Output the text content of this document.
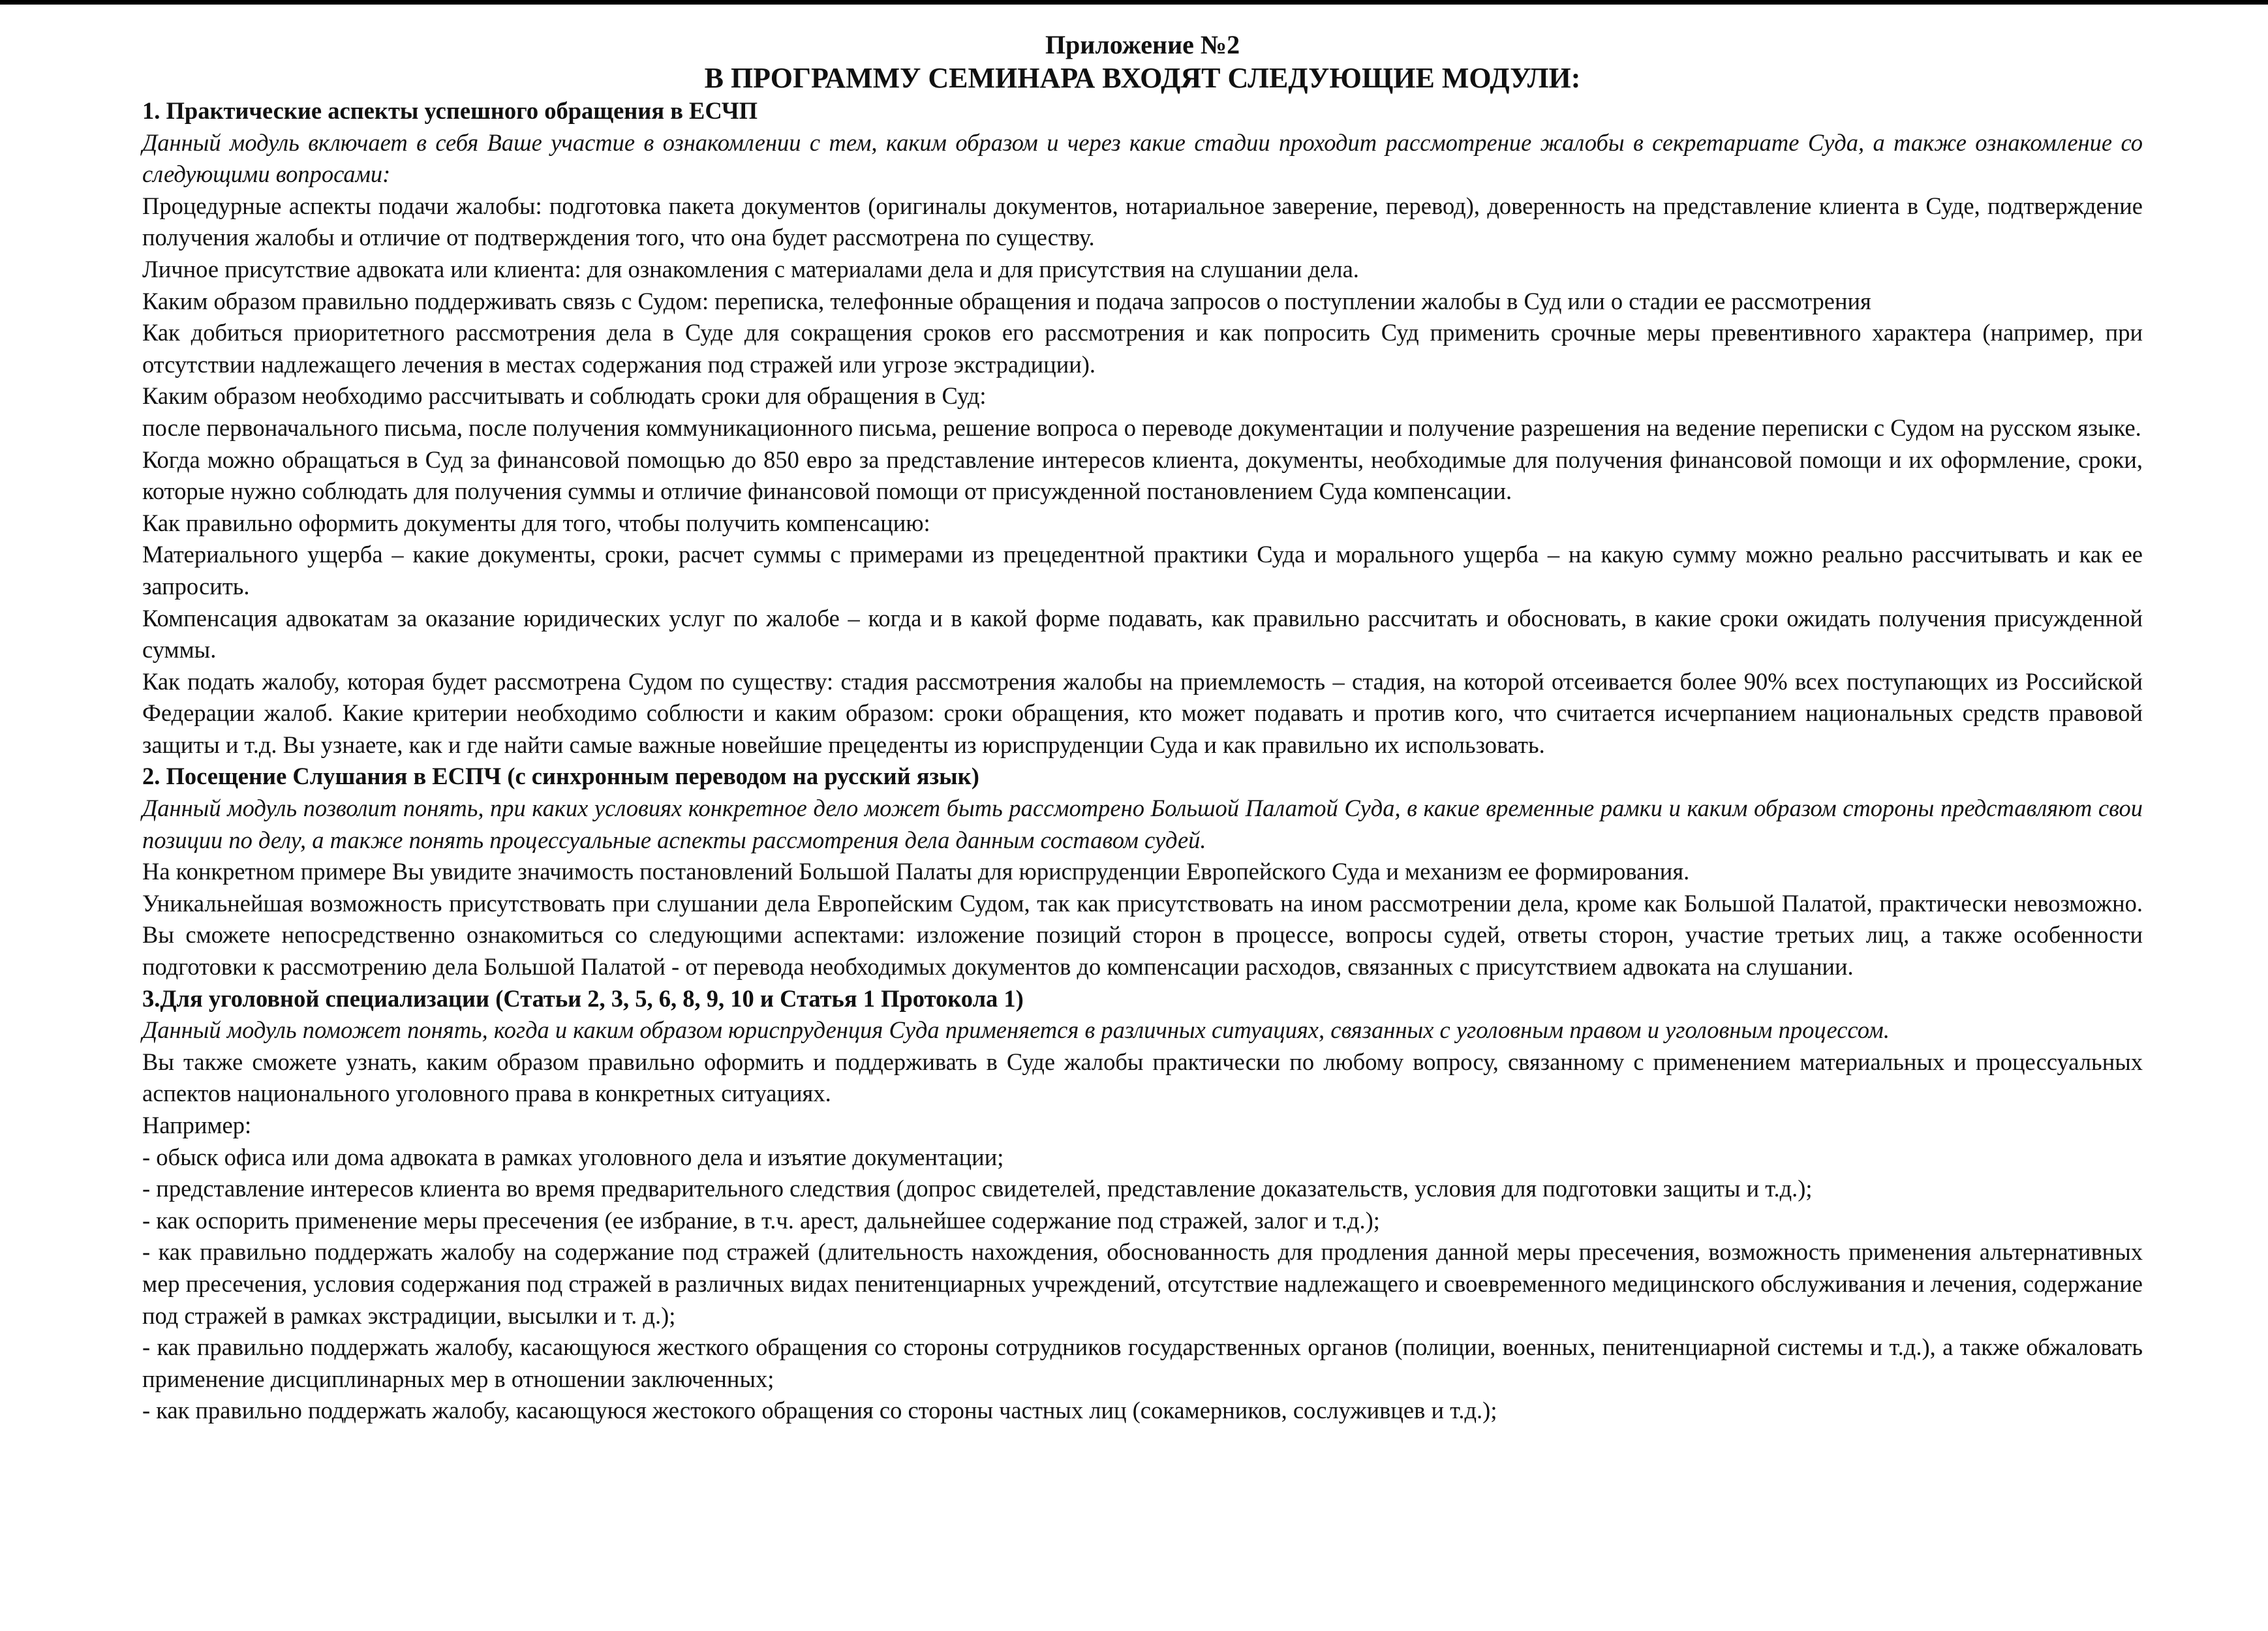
Приложение №2

В ПРОГРАММУ СЕМИНАРА ВХОДЯТ СЛЕДУЮЩИЕ МОДУЛИ:

1. Практические аспекты успешного обращения в ЕСЧП

Данный модуль включает в себя Ваше участие в ознакомлении с тем, каким образом и через какие стадии проходит рассмотрение жалобы в секретариате Суда, а также ознакомление со следующими вопросами:

Процедурные аспекты подачи жалобы: подготовка пакета документов (оригиналы документов, нотариальное заверение, перевод), доверенность на представление клиента в Суде, подтверждение получения жалобы и отличие от подтверждения того, что она будет рассмотрена по существу.

Личное присутствие адвоката или клиента: для ознакомления с материалами дела и для присутствия на слушании дела.

Каким образом правильно поддерживать связь с Судом: переписка, телефонные обращения и подача запросов о поступлении жалобы в Суд или о стадии ее рассмотрения

Как добиться приоритетного рассмотрения дела в Суде для сокращения сроков его рассмотрения и как попросить Суд применить срочные меры превентивного характера (например, при отсутствии надлежащего лечения в местах содержания под стражей или угрозе экстрадиции).

Каким образом необходимо рассчитывать и соблюдать сроки для обращения в Суд:

после первоначального письма, после получения коммуникационного письма, решение вопроса о переводе документации и получение разрешения на ведение переписки с Судом на русском языке.

Когда можно обращаться в Суд за финансовой помощью до 850 евро за представление интересов клиента, документы, необходимые для получения финансовой помощи и их оформление, сроки, которые нужно соблюдать для получения суммы и отличие финансовой помощи от присужденной постановлением Суда компенсации.

Как правильно оформить документы для того, чтобы получить компенсацию:

Материального ущерба – какие документы, сроки, расчет суммы с примерами из прецедентной практики Суда и морального ущерба – на какую сумму можно реально рассчитывать и как ее запросить.

Компенсация адвокатам за оказание юридических услуг по жалобе – когда и в какой форме подавать, как правильно рассчитать и обосновать, в какие сроки ожидать получения присужденной суммы.

Как подать жалобу, которая будет рассмотрена Судом по существу: стадия рассмотрения жалобы на приемлемость – стадия, на которой отсеивается более 90% всех поступающих из Российской Федерации жалоб. Какие критерии необходимо соблюсти и каким образом: сроки обращения, кто может подавать и против кого, что считается исчерпанием национальных средств правовой защиты и т.д. Вы узнаете, как и где найти самые важные новейшие прецеденты из юриспруденции Суда и как правильно их использовать.

2. Посещение Слушания в ЕСПЧ (с синхронным переводом на русский язык)

Данный модуль позволит понять, при каких условиях конкретное дело может быть рассмотрено Большой Палатой Суда, в какие временные рамки и каким образом стороны представляют свои позиции по делу, а также понять процессуальные аспекты рассмотрения дела данным составом судей.

На конкретном примере Вы увидите значимость постановлений Большой Палаты для юриспруденции Европейского Суда и механизм ее формирования.

Уникальнейшая возможность присутствовать при слушании дела Европейским Судом, так как присутствовать на ином рассмотрении дела, кроме как Большой Палатой, практически невозможно. Вы сможете непосредственно ознакомиться со следующими аспектами: изложение позиций сторон в процессе, вопросы судей, ответы сторон, участие третьих лиц, а также особенности подготовки к рассмотрению дела Большой Палатой - от перевода необходимых документов до компенсации расходов, связанных с присутствием адвоката на слушании.

3.Для уголовной специализации (Статьи 2, 3, 5, 6, 8, 9, 10 и Статья 1 Протокола 1)

Данный модуль поможет понять, когда и каким образом юриспруденция Суда применяется в различных ситуациях, связанных с уголовным правом и уголовным процессом.

Вы также сможете узнать, каким образом правильно оформить и поддерживать в Суде жалобы практически по любому вопросу, связанному с применением материальных и процессуальных аспектов национального уголовного права в конкретных ситуациях.

Например:

- обыск офиса или дома адвоката в рамках уголовного дела и изъятие документации;

- представление интересов клиента во время предварительного следствия (допрос свидетелей, представление доказательств, условия для подготовки защиты и т.д.);

- как оспорить применение меры пресечения (ее избрание, в т.ч. арест, дальнейшее содержание под стражей, залог и т.д.);

- как правильно поддержать жалобу на содержание под стражей (длительность нахождения, обоснованность для продления данной меры пресечения, возможность применения альтернативных мер пресечения, условия содержания под стражей в различных видах пенитенциарных учреждений, отсутствие надлежащего и своевременного медицинского обслуживания и лечения, содержание под стражей в рамках экстрадиции, высылки и т. д.);

- как правильно поддержать жалобу, касающуюся жесткого обращения со стороны сотрудников государственных органов (полиции, военных, пенитенциарной системы и т.д.), а также обжаловать применение дисциплинарных мер в отношении заключенных;

- как правильно поддержать жалобу, касающуюся жестокого обращения со стороны частных лиц (сокамерников, сослуживцев и т.д.);
